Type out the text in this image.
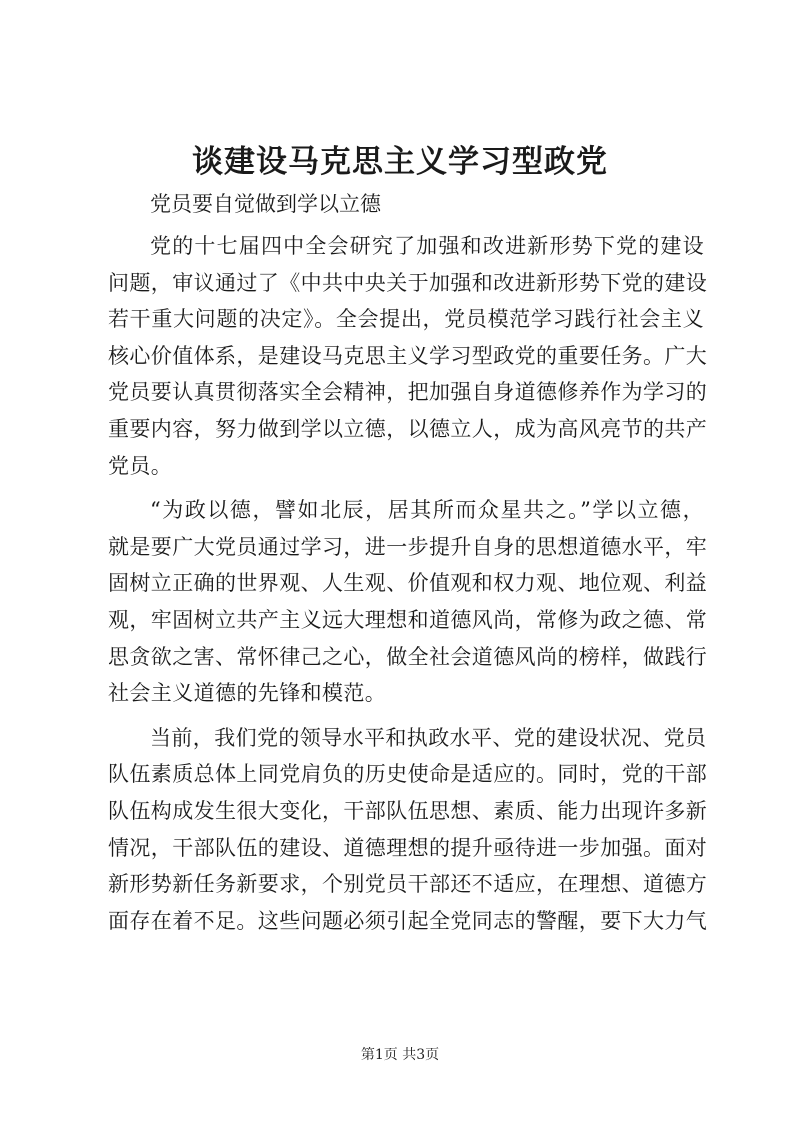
谈建设马克思主义学习型政党
党员要自觉做到学以立德
党的十七届四中全会研究了加强和改进新形势下党的建设
问题，审议通过了《中共中央关于加强和改进新形势下党的建设
若干重大问题的决定》。全会提出，党员模范学习践行社会主义
核心价值体系，是建设马克思主义学习型政党的重要任务。广大
党员要认真贯彻落实全会精神，把加强自身道德修养作为学习的
重要内容，努力做到学以立德，以德立人，成为高风亮节的共产
党员。
“为政以德，譬如北辰，居其所而众星共之。”学以立德，
就是要广大党员通过学习，进一步提升自身的思想道德水平，牢
固树立正确的世界观、人生观、价值观和权力观、地位观、利益
观，牢固树立共产主义远大理想和道德风尚，常修为政之德、常
思贪欲之害、常怀律己之心，做全社会道德风尚的榜样，做践行
社会主义道德的先锋和模范。
当前，我们党的领导水平和执政水平、党的建设状况、党员
队伍素质总体上同党肩负的历史使命是适应的。同时，党的干部
队伍构成发生很大变化，干部队伍思想、素质、能力出现许多新
情况，干部队伍的建设、道德理想的提升亟待进一步加强。面对
新形势新任务新要求，个别党员干部还不适应，在理想、道德方
面存在着不足。这些问题必须引起全党同志的警醒，要下大力气
第1页 共3页
